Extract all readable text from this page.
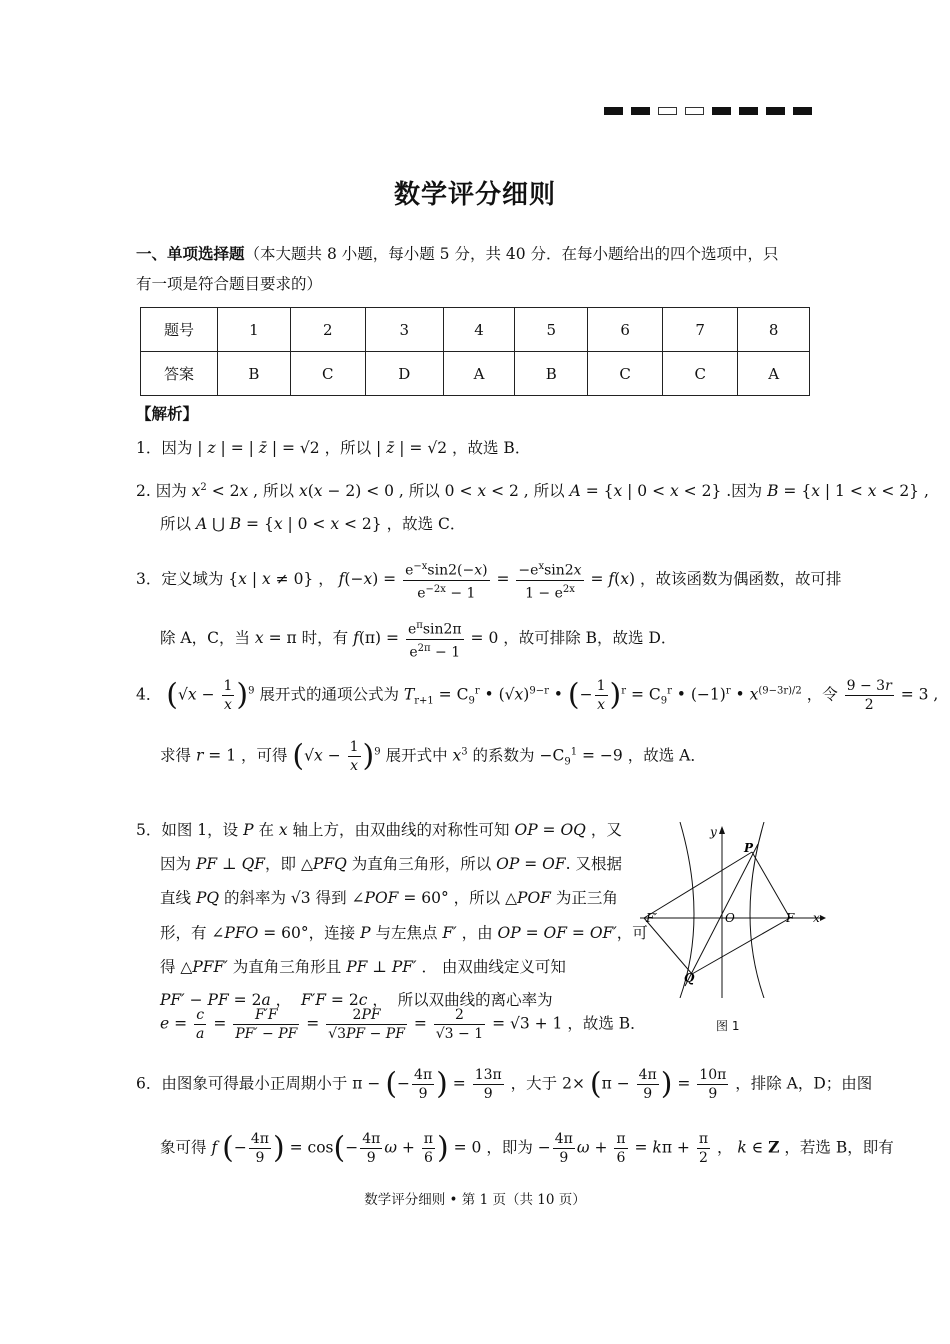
数学评分细则
一、单项选择题（本大题共 8 小题，每小题 5 分，共 40 分．在每小题给出的四个选项中，只
有一项是符合题目要求的）
题号	1	2	3	4	5	6	7	8
答案	B	C	D	A	B	C	C	A
【解析】
1．因为 | z | = | z̄ | = √2 ，所以 | z̄ | = √2 ，故选 B．
2. 因为 $x^2 < 2x$ , 所以 x(x − 2) < 0 , 所以 0 < x < 2 , 所以 A = {x | 0 < x < 2} .因为 B = {x | 1 < x < 2} ,
所以 A ⋃ B = {x | 0 < x < 2} ，故选 C．
3．定义域为 {x | x ≠ 0} ， $f(-x) = \frac{e^{-x}\sin 2(-x)}{e^{-2x} - 1} = \frac{-e^x\sin 2x}{1 - e^{2x}} = f(x)$ ，故该函数为偶函数，故可排
除 A，C，当 x = π 时，有 $f(\pi) = \frac{e^\pi\sin 2\pi}{e^{2\pi} - 1} = 0$ ，故可排除 B，故选 D．
4． $(√x - \frac{1}{x} )^9$ 展开式的通项公式为 $T_{r+1} = C_9^r$ • $(√x)^{9-r}$ • (− $\frac{1}{x} )^r = C_9^r$ • $(-1)^r$ • $x^{(9-3r)/2}$ ，令 $\frac{9 - 3r}{2} = 3$ ,
求得 r = 1 ，可得 $(√x - \frac{1}{x} )^9$ 展开式中 $x^3$ 的系数为 $-C_9^1 = -9$ ，故选 A．
5．如图 1，设 P 在 x 轴上方，由双曲线的对称性可知 OP = OQ ，又
因为 PF ⊥ QF，即 △PFQ 为直角三角形，所以 OP = OF. 又根据
直线 PQ 的斜率为 √3 得到 ∠POF = 60° ，所以 △POF 为正三角
形，有 ∠PFO = 60°，连接 P 与左焦点 F′ ，由 OP = OF = OF′，可
得 △PFF′ 为直角三角形且 PF ⊥ PF′ ． 由双曲线定义可知
PF′ − PF = 2a ，  F′F = 2c ，  所以双曲线的离心率为
$e = \frac{c}{a} = \frac{F'F}{PF' - PF} = \frac{2PF}{√3PF - PF} = \frac{2}{√3 - 1} = √3 + 1$ ，故选 B．
y
x
P
Q
O	F
F′
图 1
6．由图象可得最小正周期小于 π − (− $\frac{4\pi}{9}$ ) = $\frac{13\pi}{9}$ ，大于 $2\times (\pi - \frac{4\pi}{9}$ ) = $\frac{10\pi}{9}$ ，排除 A，D；由图
象可得 f (− $\frac{4\pi}{9}$ ) = $\cos(- \frac{4\pi}{9}$ $\omega + \frac{\pi}{6}$ ) = 0 ，即为 − $\frac{4\pi}{9}$ $\omega + \frac{\pi}{6} = k\pi + \frac{\pi}{2}$ ， k ∈ Z ，若选 B，即有
数学评分细则 • 第 1 页（共 10 页）
